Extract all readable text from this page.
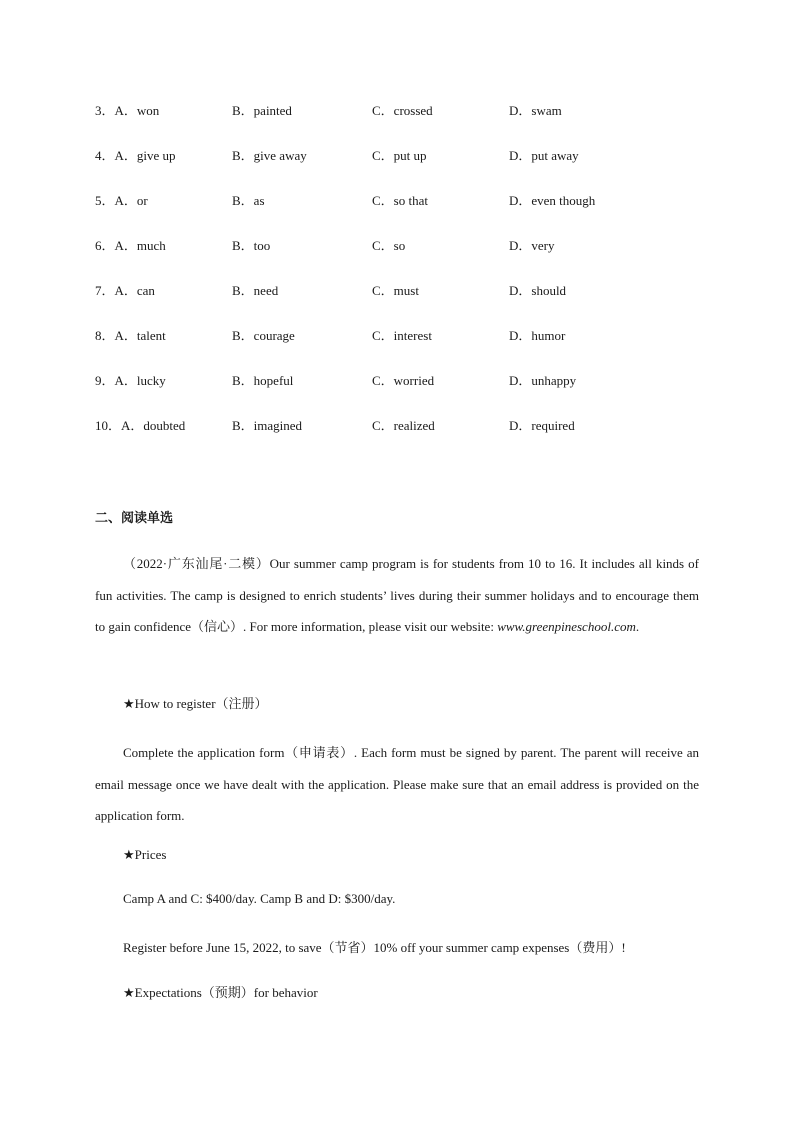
3．A．won	B．painted	C．crossed	D．swam
4．A．give up	B．give away	C．put up	D．put away
5．A．or	B．as	C．so that	D．even though
6．A．much	B．too	C．so	D．very
7．A．can	B．need	C．must	D．should
8．A．talent	B．courage	C．interest	D．humor
9．A．lucky	B．hopeful	C．worried	D．unhappy
10．A．doubted	B．imagined	C．realized	D．required
二、阅读单选
（2022·广东汕尾·二模）Our summer camp program is for students from 10 to 16. It includes all kinds of fun activities. The camp is designed to enrich students’ lives during their summer holidays and to encourage them to gain confidence（信心）. For more information, please visit our website: www.greenpineschool.com.
★How to register（注册）
Complete the application form（申请表）. Each form must be signed by parent. The parent will receive an email message once we have dealt with the application. Please make sure that an email address is provided on the application form.
★Prices
Camp A and C: $400/day. Camp B and D: $300/day.
Register before June 15, 2022, to save（节省）10% off your summer camp expenses（费用）!
★Expectations（预期）for behavior
